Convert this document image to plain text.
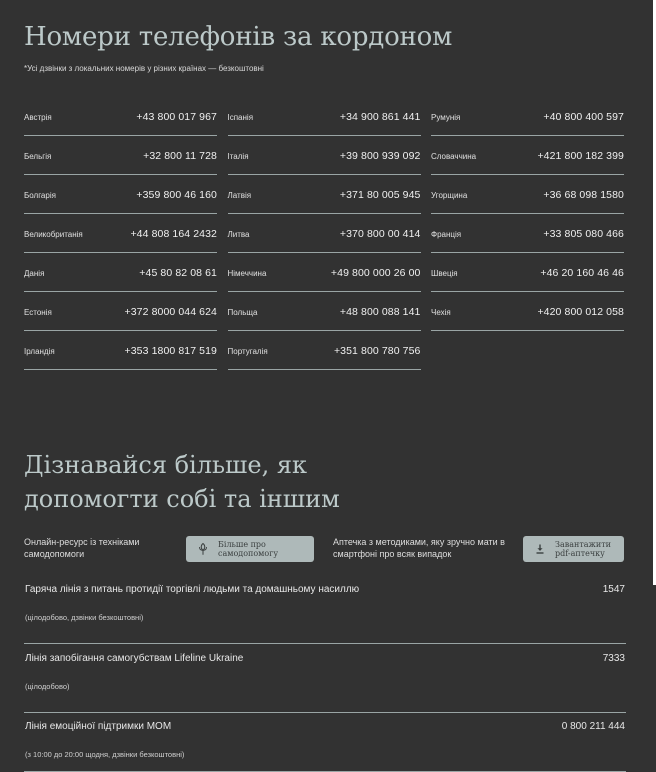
Номери телефонів за кордоном
*Усі дзвінки з локальних номерів у різних країнах — безкоштовні
Австрія	+43 800 017 967 Іспанія	+34 900 861 441 Румунія	+40 800 400 597
Бельгія	+32 800 11 728 Італія	+39 800 939 092 Словаччина	+421 800 182 399
Болгарія	+359 800 46 160 Латвія	+371 80 005 945 Угорщина	+36 68 098 1580
Великобританія	+44 808 164 2432 Литва	+370 800 00 414 Франція	+33 805 080 466
Данія	+45 80 82 08 61 Німеччина	+49 800 000 26 00 Швеція	+46 20 160 46 46
Естонія	+372 8000 044 624 Польща	+48 800 088 141 Чехія	+420 800 012 058
Ірландія	+353 1800 817 519 Португалія	+351 800 780 756
Дізнавайся більше, як
допомогти собі та іншим
Онлайн-ресурс із техніками самодопомоги
Більше про
самодопомогу
Аптечка з методиками, яку зручно мати в смартфоні про всяк випадок
Завантажити
pdf-аптечку
Гаряча лінія з питань протидії торгівлі людьми та домашньому насиллю	1547
(цілодобово, дзвінки безкоштовні)
Лінія запобігання самогубствам Lifeline Ukraine	7333
(цілодобово)
Лінія емоційної підтримки МОМ	0 800 211 444
(з 10:00 до 20:00 щодня, дзвінки безкоштовні)
